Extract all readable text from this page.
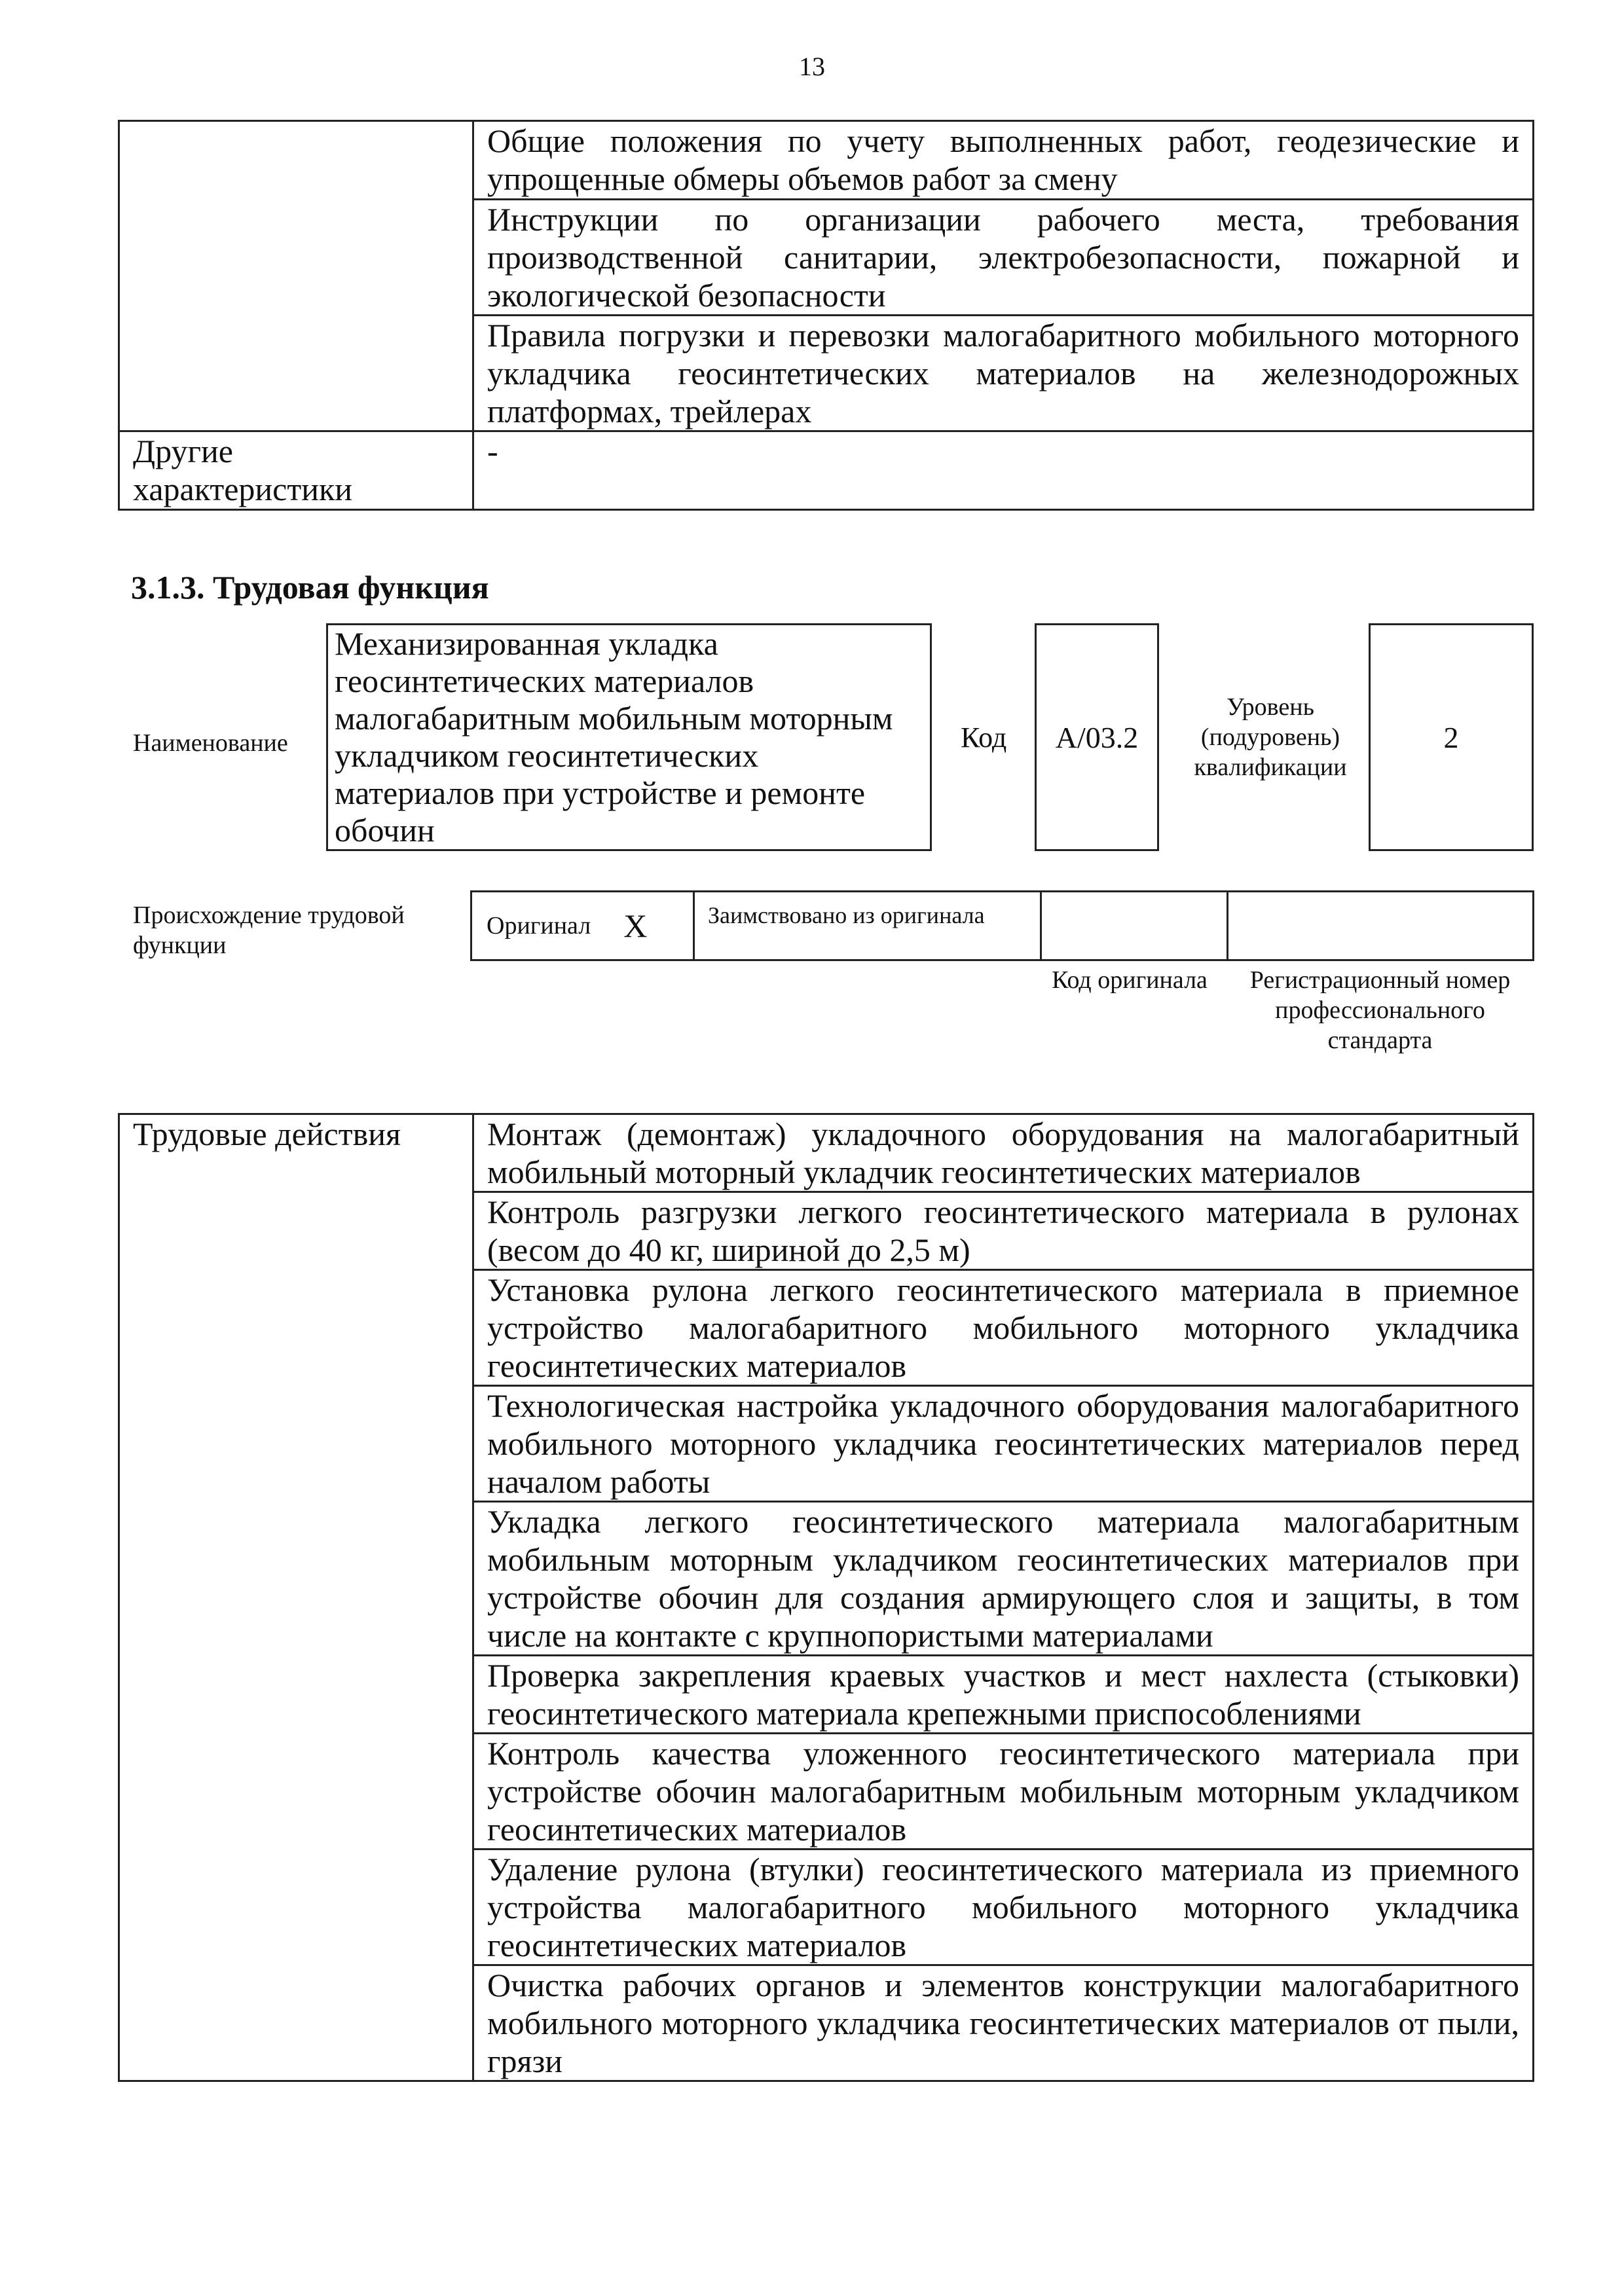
13
	Общие положения по учету выполненных работ, геодезические и упрощенные обмеры объемов работ за смену
	Инструкции по организации рабочего места, требования производственной санитарии, электробезопасности, пожарной и экологической безопасности
	Правила погрузки и перевозки малогабаритного мобильного моторного укладчика геосинтетических материалов на железнодорожных платформах, трейлерах
Другие характеристики	-
3.1.3. Трудовая функция
Наименование
Механизированная укладка геосинтетических материалов малогабаритным мобильным моторным укладчиком геосинтетических материалов при устройстве и ремонте обочин
Код	А/03.2
Уровень (подуровень) квалификации
2
Происхождение трудовой функции
Оригинал X	Заимствовано из оригинала
Код оригинала	Регистрационный номер профессионального стандарта
Трудовые действия	Монтаж (демонтаж) укладочного оборудования на малогабаритный мобильный моторный укладчик геосинтетических материалов
Контроль разгрузки легкого геосинтетического материала в рулонах (весом до 40 кг, шириной до 2,5 м)
Установка рулона легкого геосинтетического материала в приемное устройство малогабаритного мобильного моторного укладчика геосинтетических материалов
Технологическая настройка укладочного оборудования малогабаритного мобильного моторного укладчика геосинтетических материалов перед началом работы
Укладка легкого геосинтетического материала малогабаритным мобильным моторным укладчиком геосинтетических материалов при устройстве обочин для создания армирующего слоя и защиты, в том числе на контакте с крупнопористыми материалами
Проверка закрепления краевых участков и мест нахлеста (стыковки) геосинтетического материала крепежными приспособлениями
Контроль качества уложенного геосинтетического материала при устройстве обочин малогабаритным мобильным моторным укладчиком геосинтетических материалов
Удаление рулона (втулки) геосинтетического материала из приемного устройства малогабаритного мобильного моторного укладчика геосинтетических материалов
Очистка рабочих органов и элементов конструкции малогабаритного мобильного моторного укладчика геосинтетических материалов от пыли, грязи
